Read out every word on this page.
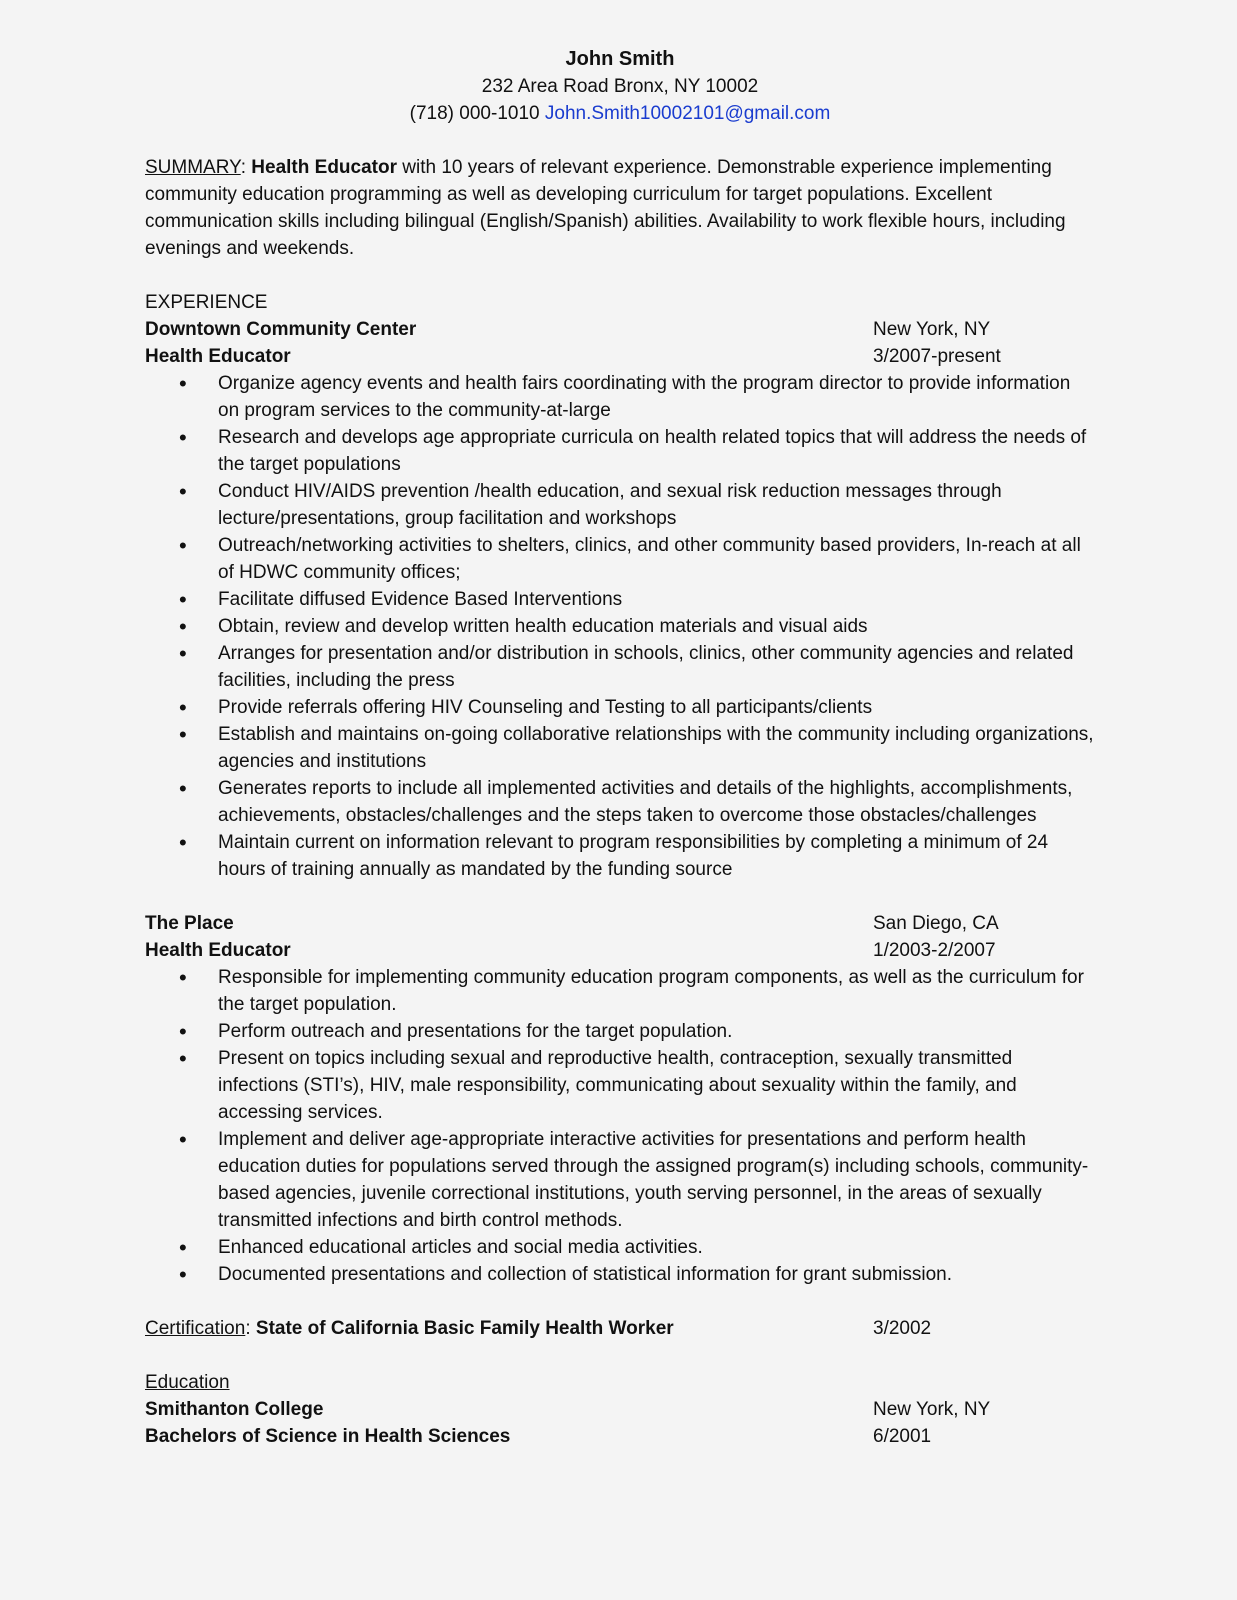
John Smith
232 Area Road Bronx, NY 10002
(718) 000-1010 John.Smith10002101@gmail.com
SUMMARY: Health Educator with 10 years of relevant experience. Demonstrable experience implementing community education programming as well as developing curriculum for target populations. Excellent communication skills including bilingual (English/Spanish) abilities. Availability to work flexible hours, including evenings and weekends.
EXPERIENCE
Downtown Community Center	New York, NY
Health Educator	3/2007-present
• Organize agency events and health fairs coordinating with the program director to provide information on program services to the community-at-large
• Research and develops age appropriate curricula on health related topics that will address the needs of the target populations
• Conduct HIV/AIDS prevention /health education, and sexual risk reduction messages through lecture/presentations, group facilitation and workshops
• Outreach/networking activities to shelters, clinics, and other community based providers, In-reach at all of HDWC community offices;
• Facilitate diffused Evidence Based Interventions
• Obtain, review and develop written health education materials and visual aids
• Arranges for presentation and/or distribution in schools, clinics, other community agencies and related facilities, including the press
• Provide referrals offering HIV Counseling and Testing to all participants/clients
• Establish and maintains on-going collaborative relationships with the community including organizations, agencies and institutions
• Generates reports to include all implemented activities and details of the highlights, accomplishments, achievements, obstacles/challenges and the steps taken to overcome those obstacles/challenges
• Maintain current on information relevant to program responsibilities by completing a minimum of 24 hours of training annually as mandated by the funding source
The Place	San Diego, CA
Health Educator	1/2003-2/2007
• Responsible for implementing community education program components, as well as the curriculum for the target population.
• Perform outreach and presentations for the target population.
• Present on topics including sexual and reproductive health, contraception, sexually transmitted infections (STI’s), HIV, male responsibility, communicating about sexuality within the family, and accessing services.
• Implement and deliver age-appropriate interactive activities for presentations and perform health education duties for populations served through the assigned program(s) including schools, community-based agencies, juvenile correctional institutions, youth serving personnel, in the areas of sexually transmitted infections and birth control methods.
• Enhanced educational articles and social media activities.
• Documented presentations and collection of statistical information for grant submission.
Certification: State of California Basic Family Health Worker	3/2002
Education
Smithanton College	New York, NY
Bachelors of Science in Health Sciences	6/2001
